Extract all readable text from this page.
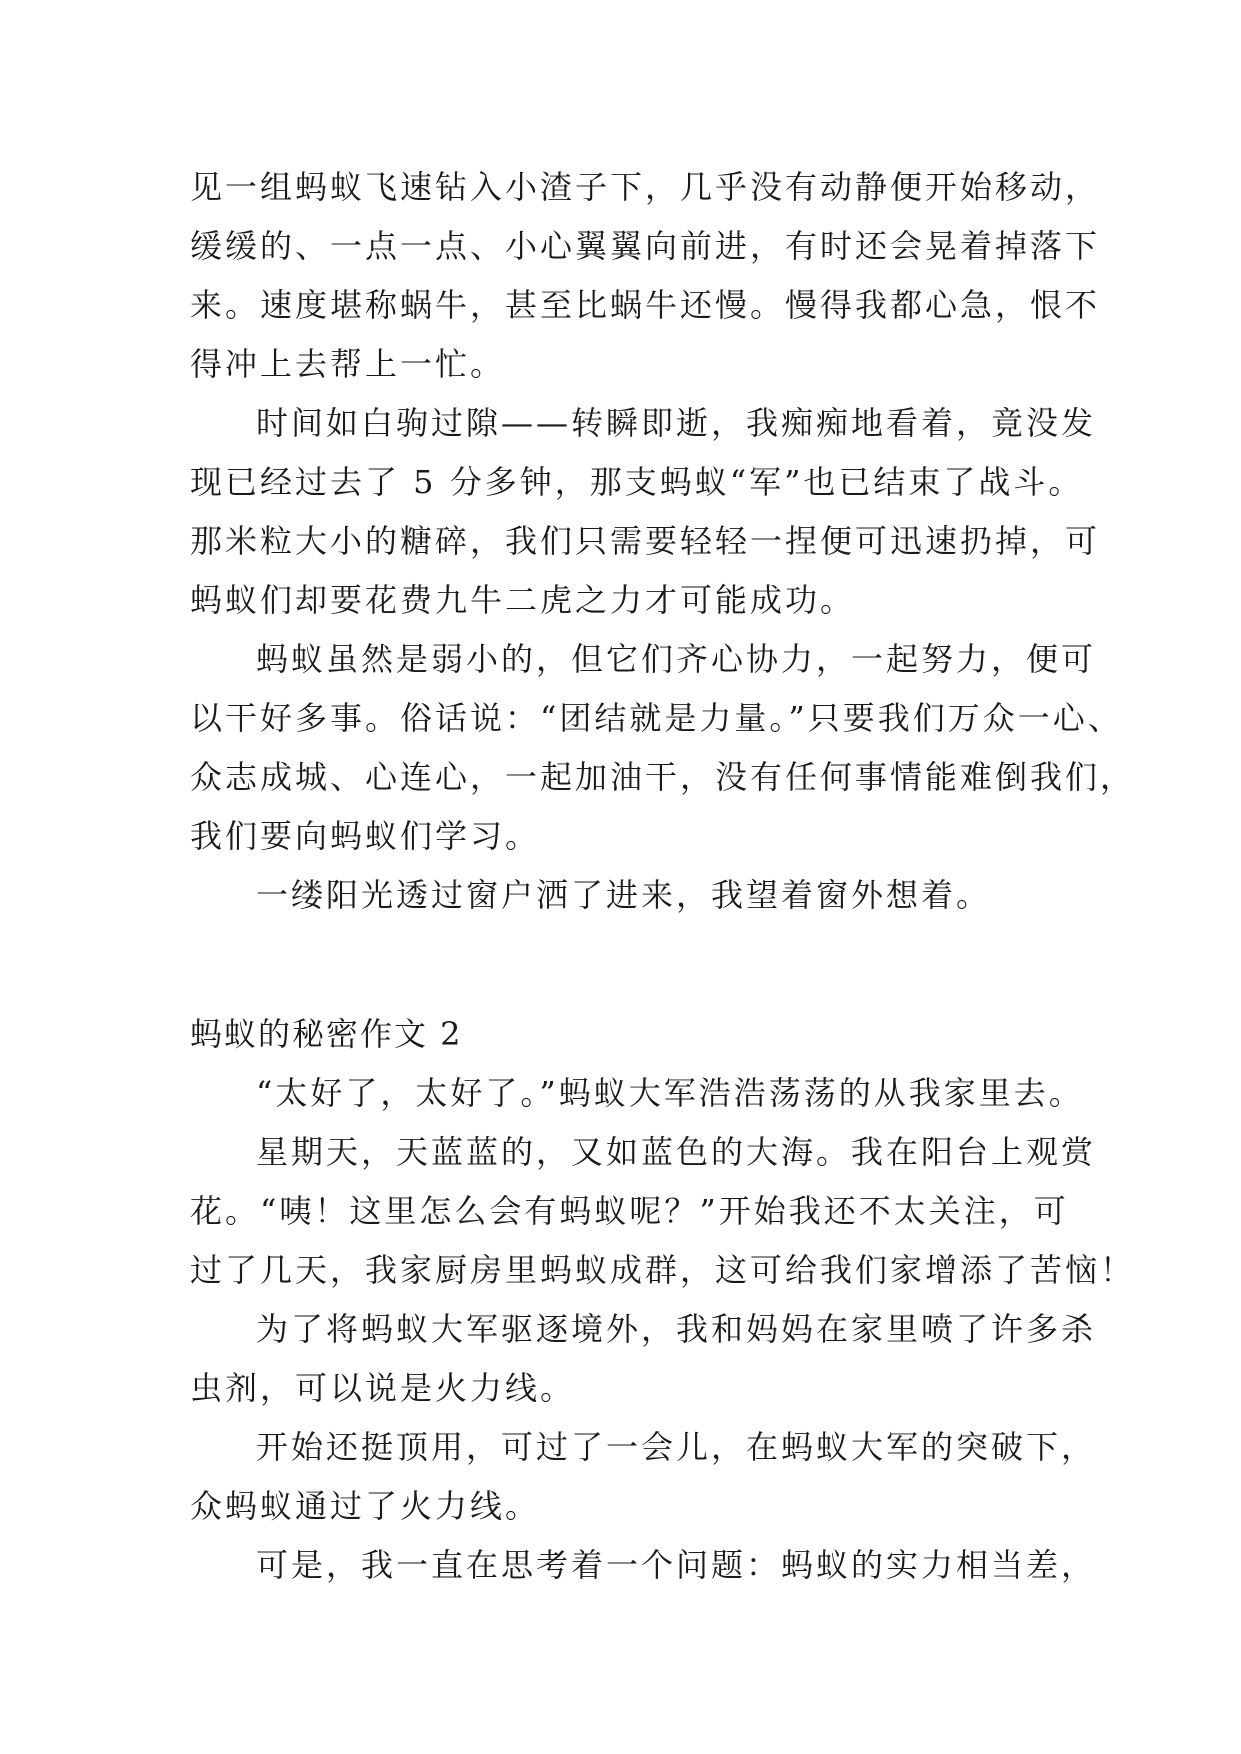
见一组蚂蚁飞速钻入小渣子下，几乎没有动静便开始移动，
缓缓的、一点一点、小心翼翼向前进，有时还会晃着掉落下
来。速度堪称蜗牛，甚至比蜗牛还慢。慢得我都心急，恨不
得冲上去帮上一忙。
时间如白驹过隙——转瞬即逝，我痴痴地看着，竟没发
现已经过去了 5 分多钟，那支蚂蚁“军”也已结束了战斗。
那米粒大小的糖碎，我们只需要轻轻一捏便可迅速扔掉，可
蚂蚁们却要花费九牛二虎之力才可能成功。
蚂蚁虽然是弱小的，但它们齐心协力，一起努力，便可
以干好多事。俗话说：“团结就是力量。”只要我们万众一心、
众志成城、心连心，一起加油干，没有任何事情能难倒我们，
我们要向蚂蚁们学习。
一缕阳光透过窗户洒了进来，我望着窗外想着。
蚂蚁的秘密作文 2
“太好了，太好了。”蚂蚁大军浩浩荡荡的从我家里去。
星期天，天蓝蓝的，又如蓝色的大海。我在阳台上观赏
花。“咦！这里怎么会有蚂蚁呢？”开始我还不太关注，可
过了几天，我家厨房里蚂蚁成群，这可给我们家增添了苦恼！
为了将蚂蚁大军驱逐境外，我和妈妈在家里喷了许多杀
虫剂，可以说是火力线。
开始还挺顶用，可过了一会儿，在蚂蚁大军的突破下，
众蚂蚁通过了火力线。
可是，我一直在思考着一个问题：蚂蚁的实力相当差，
